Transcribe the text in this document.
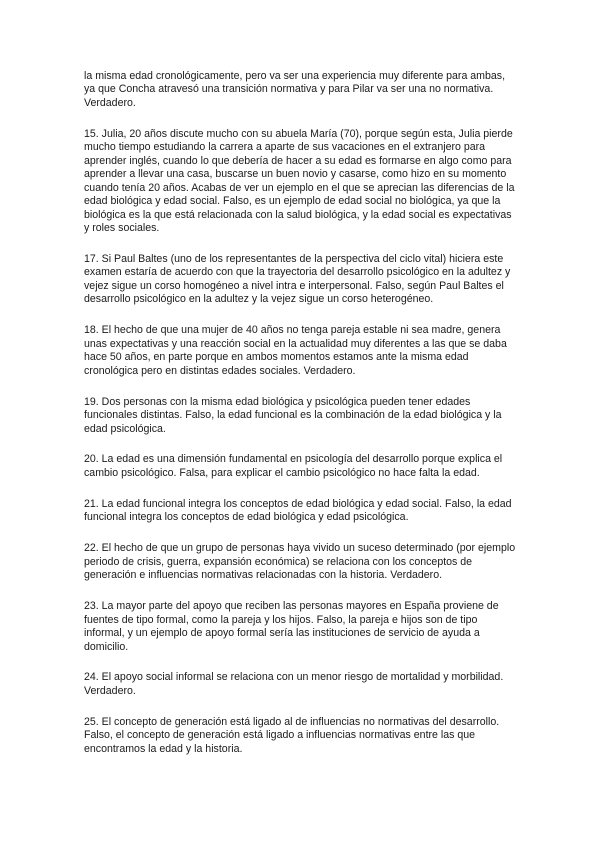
la misma edad cronológicamente, pero va ser una experiencia muy diferente para ambas,
ya que Concha atravesó una transición normativa y para Pilar va ser una no normativa.
Verdadero.
15. Julia, 20 años discute mucho con su abuela María (70), porque según esta, Julia pierde
mucho tiempo estudiando la carrera a aparte de sus vacaciones en el extranjero para
aprender inglés, cuando lo que debería de hacer a su edad es formarse en algo como para
aprender a llevar una casa, buscarse un buen novio y casarse, como hizo en su momento
cuando tenía 20 años. Acabas de ver un ejemplo en el que se aprecian las diferencias de la
edad biológica y edad social. Falso, es un ejemplo de edad social no biológica, ya que la
biológica es la que está relacionada con la salud biológica, y la edad social es expectativas
y roles sociales.
17. Si Paul Baltes (uno de los representantes de la perspectiva del ciclo vital) hiciera este
examen estaría de acuerdo con que la trayectoria del desarrollo psicológico en la adultez y
vejez sigue un corso homogéneo a nivel intra e interpersonal. Falso, según Paul Baltes el
desarrollo psicológico en la adultez y la vejez sigue un corso heterogéneo.
18. El hecho de que una mujer de 40 años no tenga pareja estable ni sea madre, genera
unas expectativas y una reacción social en la actualidad muy diferentes a las que se daba
hace 50 años, en parte porque en ambos momentos estamos ante la misma edad
cronológica pero en distintas edades sociales. Verdadero.
19. Dos personas con la misma edad biológica y psicológica pueden tener edades
funcionales distintas. Falso, la edad funcional es la combinación de la edad biológica y la
edad psicológica.
20. La edad es una dimensión fundamental en psicología del desarrollo porque explica el
cambio psicológico. Falsa, para explicar el cambio psicológico no hace falta la edad.
21. La edad funcional integra los conceptos de edad biológica y edad social. Falso, la edad
funcional integra los conceptos de edad biológica y edad psicológica.
22. El hecho de que un grupo de personas haya vivido un suceso determinado (por ejemplo
periodo de crisis, guerra, expansión económica) se relaciona con los conceptos de
generación e influencias normativas relacionadas con la historia. Verdadero.
23. La mayor parte del apoyo que reciben las personas mayores en España proviene de
fuentes de tipo formal, como la pareja y los hijos. Falso, la pareja e hijos son de tipo
informal, y un ejemplo de apoyo formal sería las instituciones de servicio de ayuda a
domicilio.
24. El apoyo social informal se relaciona con un menor riesgo de mortalidad y morbilidad.
Verdadero.
25. El concepto de generación está ligado al de influencias no normativas del desarrollo.
Falso, el concepto de generación está ligado a influencias normativas entre las que
encontramos la edad y la historia.
